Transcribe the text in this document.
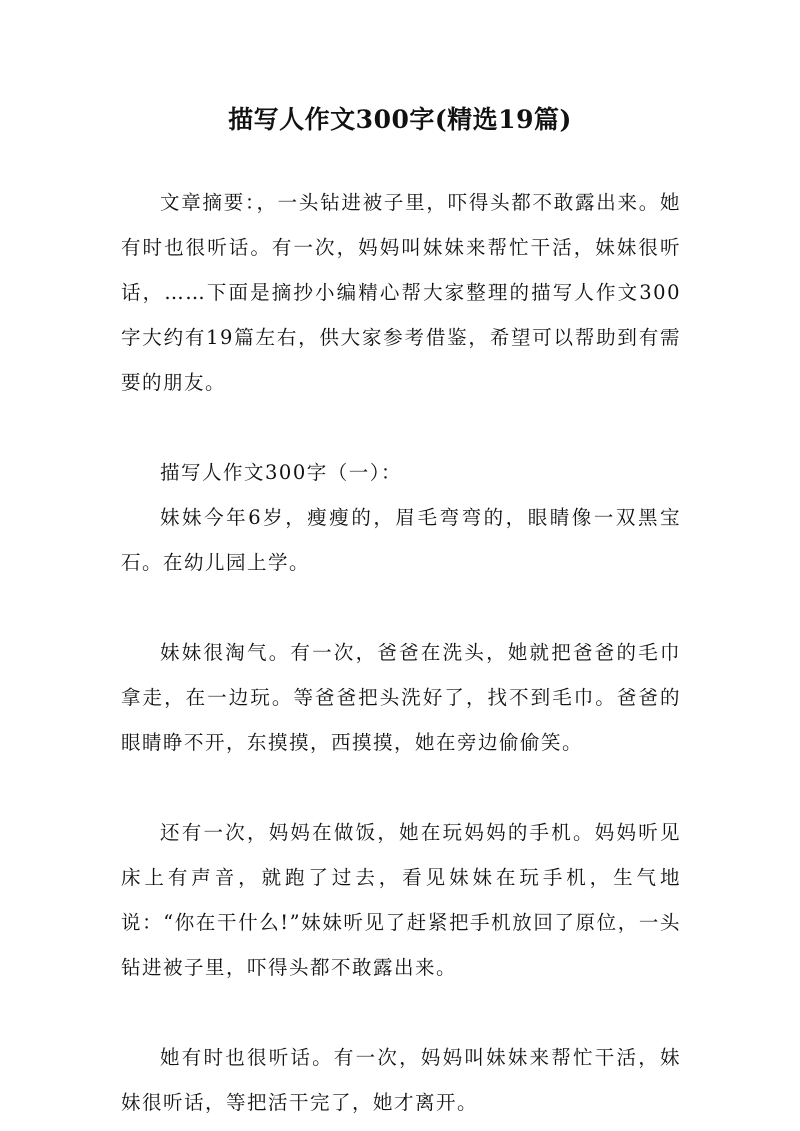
描写人作文300字(精选19篇)

文章摘要：，一头钻进被子里，吓得头都不敢露出来。她有时也很听话。有一次，妈妈叫妹妹来帮忙干活，妹妹很听话，……下面是摘抄小编精心帮大家整理的描写人作文300字大约有19篇左右，供大家参考借鉴，希望可以帮助到有需要的朋友。

描写人作文300字（一）：

妹妹今年6岁，瘦瘦的，眉毛弯弯的，眼睛像一双黑宝石。在幼儿园上学。

妹妹很淘气。有一次，爸爸在洗头，她就把爸爸的毛巾拿走，在一边玩。等爸爸把头洗好了，找不到毛巾。爸爸的眼睛睁不开，东摸摸，西摸摸，她在旁边偷偷笑。

还有一次，妈妈在做饭，她在玩妈妈的手机。妈妈听见床上有声音，就跑了过去，看见妹妹在玩手机，生气地说：“你在干什么!”妹妹听见了赶紧把手机放回了原位，一头钻进被子里，吓得头都不敢露出来。

她有时也很听话。有一次，妈妈叫妹妹来帮忙干活，妹妹很听话，等把活干完了，她才离开。
